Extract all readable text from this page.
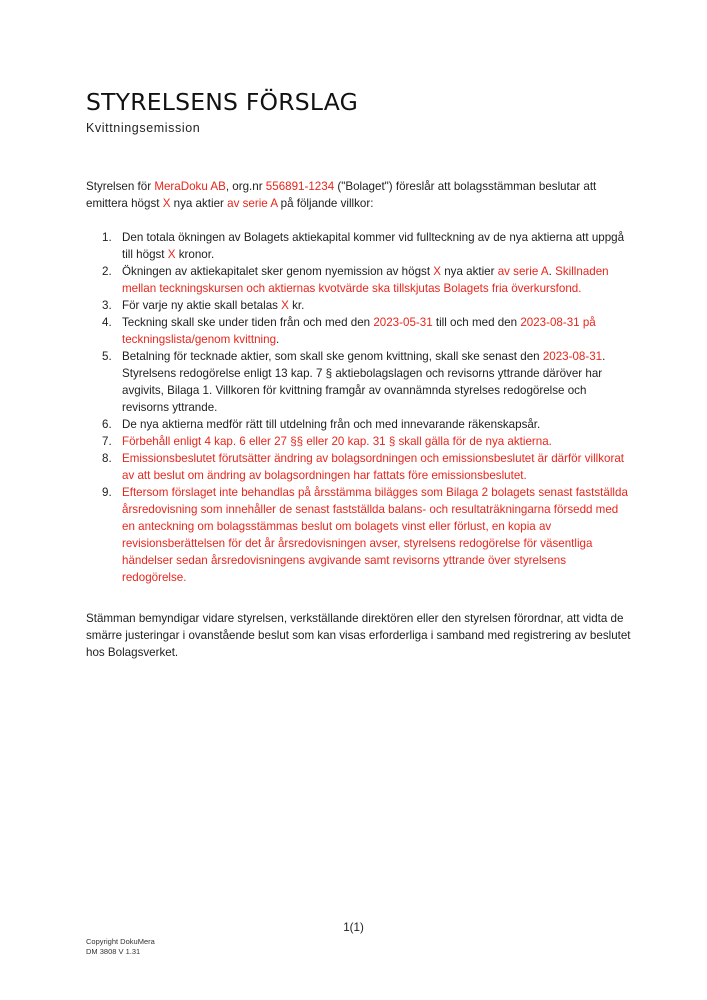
STYRELSENS FÖRSLAG
Kvittningsemission

Styrelsen för MeraDoku AB, org.nr 556891-1234 ("Bolaget") föreslår att bolagsstämman beslutar att emittera högst X nya aktier av serie A på följande villkor:

1. Den totala ökningen av Bolagets aktiekapital kommer vid fullteckning av de nya aktierna att uppgå till högst X kronor.
2. Ökningen av aktiekapitalet sker genom nyemission av högst X nya aktier av serie A. Skillnaden mellan teckningskursen och aktiernas kvotvärde ska tillskjutas Bolagets fria överkursfond.
3. För varje ny aktie skall betalas X kr.
4. Teckning skall ske under tiden från och med den 2023-05-31 till och med den 2023-08-31 på teckningslista/genom kvittning.
5. Betalning för tecknade aktier, som skall ske genom kvittning, skall ske senast den 2023-08-31. Styrelsens redogörelse enligt 13 kap. 7 § aktiebolagslagen och revisorns yttrande däröver har avgivits, Bilaga 1. Villkoren för kvittning framgår av ovannämnda styrelses redogörelse och revisorns yttrande.
6. De nya aktierna medför rätt till utdelning från och med innevarande räkenskapsår.
7. Förbehåll enligt 4 kap. 6 eller 27 §§ eller 20 kap. 31 § skall gälla för de nya aktierna.
8. Emissionsbeslutet förutsätter ändring av bolagsordningen och emissionsbeslutet är därför villkorat av att beslut om ändring av bolagsordningen har fattats före emissionsbeslutet.
9. Eftersom förslaget inte behandlas på årsstämma bilägges som Bilaga 2 bolagets senast fastställda årsredovisning som innehåller de senast fastställda balans- och resultaträkningarna försedd med en anteckning om bolagsstämmas beslut om bolagets vinst eller förlust, en kopia av revisionsberättelsen för det år årsredovisningen avser, styrelsens redogörelse för väsentliga händelser sedan årsredovisningens avgivande samt revisorns yttrande över styrelsens redogörelse.

Stämman bemyndigar vidare styrelsen, verkställande direktören eller den styrelsen förordnar, att vidta de smärre justeringar i ovanstående beslut som kan visas erforderliga i samband med registrering av beslutet hos Bolagsverket.

1(1)
Copyright DokuMera
DM 3808 V 1.31
